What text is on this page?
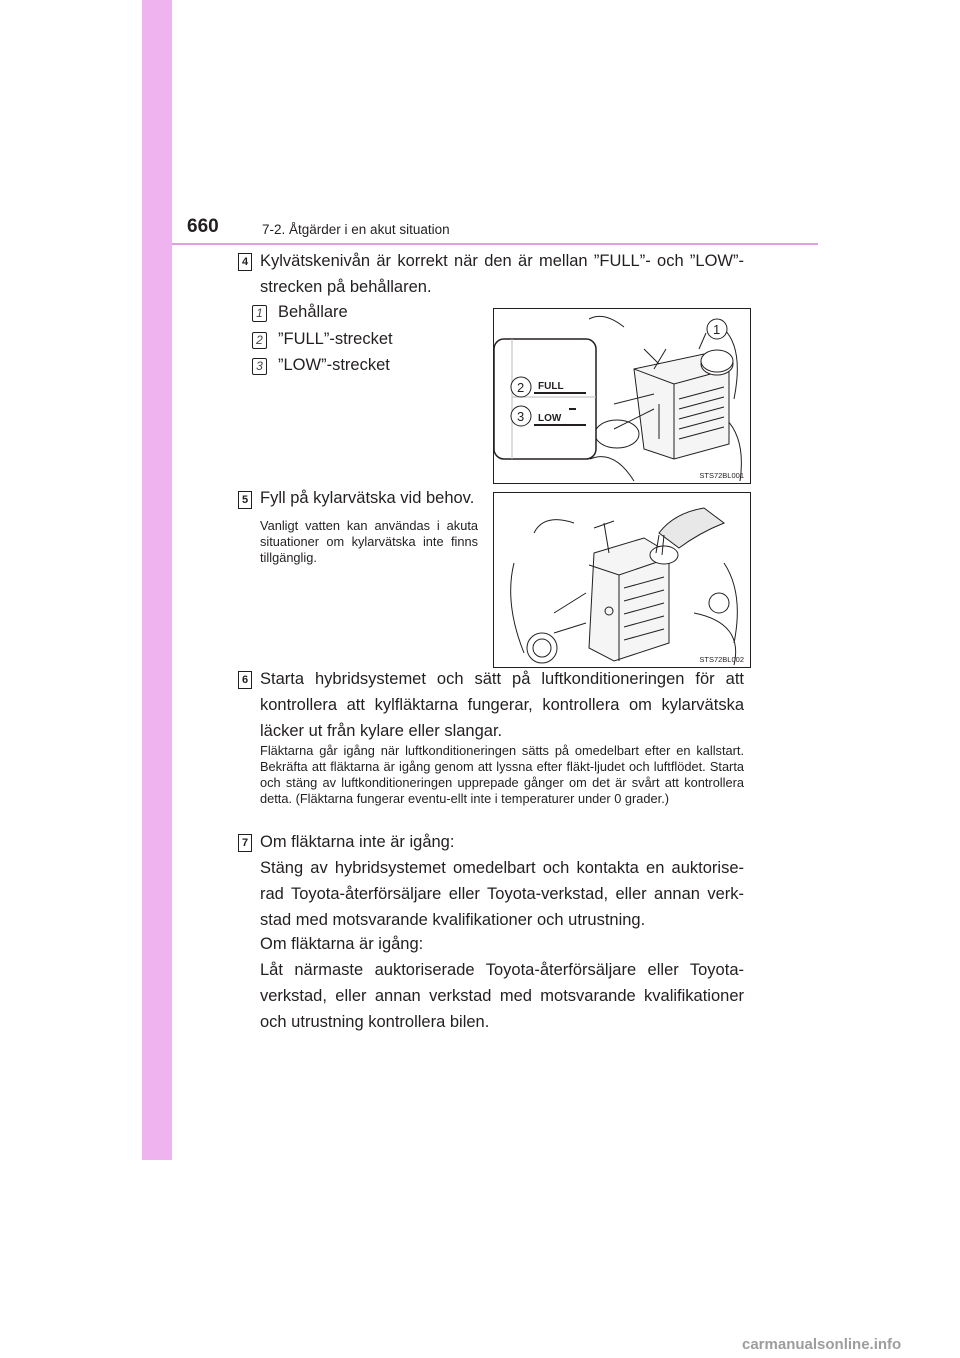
660	7-2. Åtgärder i en akut situation
4 Kylvätskenivån är korrekt när den är mellan ”FULL”- och ”LOW”-strecken på behållaren.
1 Behållare
2 ”FULL”-strecket
3 ”LOW”-strecket
FULL
LOW
2
3
1
STS72BL001
5 Fyll på kylarvätska vid behov.
Vanligt vatten kan användas i akuta situationer om kylarvätska inte finns tillgänglig.
STS72BL002
6 Starta hybridsystemet och sätt på luftkonditioneringen för att kontrollera att kylfläktarna fungerar, kontrollera om kylarvätska läcker ut från kylare eller slangar.
Fläktarna går igång när luftkonditioneringen sätts på omedelbart efter en kallstart. Bekräfta att fläktarna är igång genom att lyssna efter fläkt-ljudet och luftflödet. Starta och stäng av luftkonditioneringen upprepade gånger om det är svårt att kontrollera detta. (Fläktarna fungerar eventu-ellt inte i temperaturer under 0 grader.)
7 Om fläktarna inte är igång:
Stäng av hybridsystemet omedelbart och kontakta en auktorise-rad Toyota-återförsäljare eller Toyota-verkstad, eller annan verk-stad med motsvarande kvalifikationer och utrustning.
Om fläktarna är igång:
Låt närmaste auktoriserade Toyota-återförsäljare eller Toyota-verkstad, eller annan verkstad med motsvarande kvalifikationer och utrustning kontrollera bilen.
carmanualsonline.info
